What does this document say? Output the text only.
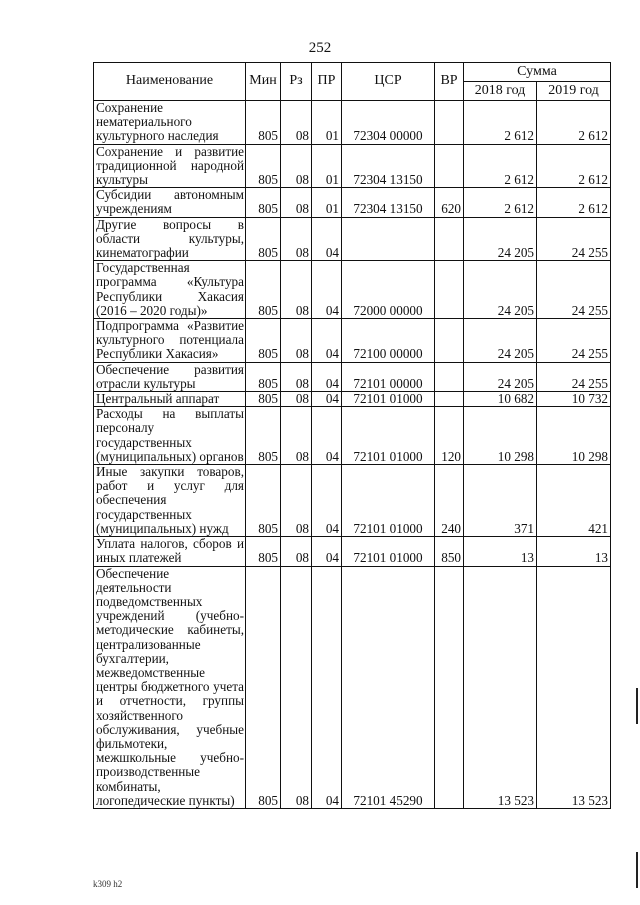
252
Наименование	Мин	Рз	ПР	ЦСР	ВР	Сумма	
						2018 год	2019 год
Сохранение нематериального культурного наследия	805	08	01	72304 00000		2 612	2 612
Сохранение и развитие традиционной народной культуры	805	08	01	72304 13150		2 612	2 612
Субсидии автономным учреждениям	805	08	01	72304 13150	620	2 612	2 612
Другие вопросы в области культуры, кинематографии	805	08	04			24 205	24 255
Государственная программа «Культура Республики Хакасия (2016 – 2020 годы)»	805	08	04	72000 00000		24 205	24 255
Подпрограмма «Развитие культурного потенциала Республики Хакасия»	805	08	04	72100 00000		24 205	24 255
Обеспечение развития отрасли культуры	805	08	04	72101 00000		24 205	24 255
Центральный аппарат	805	08	04	72101 01000		10 682	10 732
Расходы на выплаты персоналу государственных (муниципальных) органов	805	08	04	72101 01000	120	10 298	10 298
Иные закупки товаров, работ и услуг для обеспечения государственных (муниципальных) нужд	805	08	04	72101 01000	240	371	421
Уплата налогов, сборов и иных платежей	805	08	04	72101 01000	850	13	13
Обеспечение деятельности подведомственных учреждений (учебно-методические кабинеты, централизованные бухгалтерии, межведомственные центры бюджетного учета и отчетности, группы хозяйственного обслуживания, учебные фильмотеки, межшкольные учебно-производственные комбинаты, логопедические пункты)	805	08	04	72101 45290		13 523	13 523
k309 h2
